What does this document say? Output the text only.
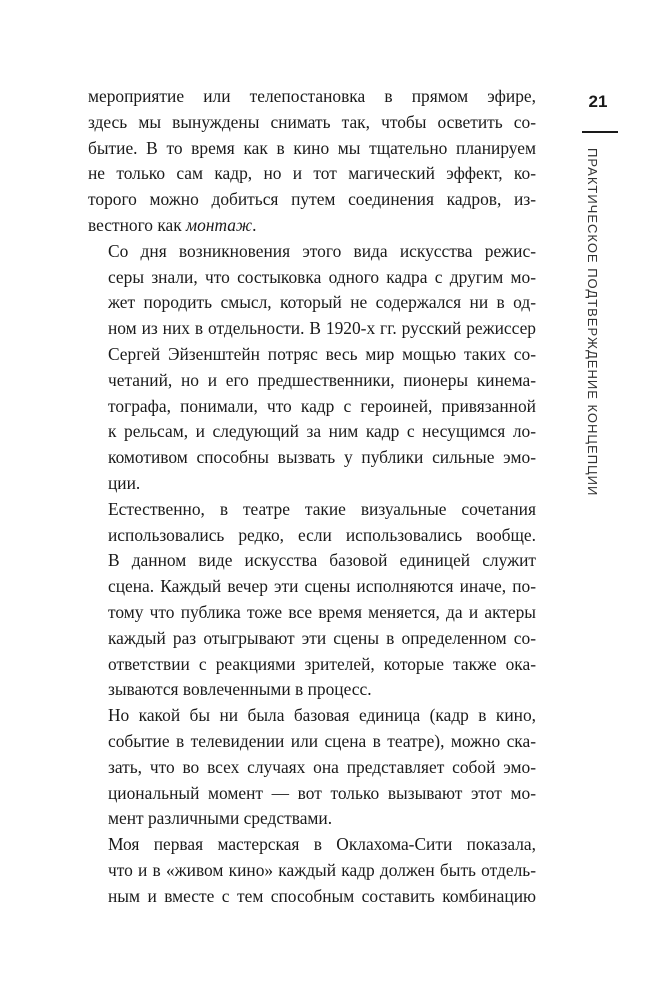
21
ПРАКТИЧЕСКОЕ ПОДТВЕРЖДЕНИЕ КОНЦЕПЦИИ

мероприятие или телепостановка в прямом эфире,
здесь мы вынуждены снимать так, чтобы осветить со-
бытие. В то время как в кино мы тщательно планируем
не только сам кадр, но и тот магический эффект, ко-
торого можно добиться путем соединения кадров, из-
вестного как монтаж.

Со дня возникновения этого вида искусства режис-
серы знали, что состыковка одного кадра с другим мо-
жет породить смысл, который не содержался ни в од-
ном из них в отдельности. В 1920-х гг. русский режиссер
Сергей Эйзенштейн потряс весь мир мощью таких со-
четаний, но и его предшественники, пионеры кинема-
тографа, понимали, что кадр с героиней, привязанной
к рельсам, и следующий за ним кадр с несущимся ло-
комотивом способны вызвать у публики сильные эмо-
ции.

Естественно, в театре такие визуальные сочетания
использовались редко, если использовались вообще.
В данном виде искусства базовой единицей служит
сцена. Каждый вечер эти сцены исполняются иначе, по-
тому что публика тоже все время меняется, да и актеры
каждый раз отыгрывают эти сцены в определенном со-
ответствии с реакциями зрителей, которые также ока-
зываются вовлеченными в процесс.

Но какой бы ни была базовая единица (кадр в кино,
событие в телевидении или сцена в театре), можно ска-
зать, что во всех случаях она представляет собой эмо-
циональный момент — вот только вызывают этот мо-
мент различными средствами.

Моя первая мастерская в Оклахома-Сити показала,
что и в «живом кино» каждый кадр должен быть отдель-
ным и вместе с тем способным составить комбинацию
